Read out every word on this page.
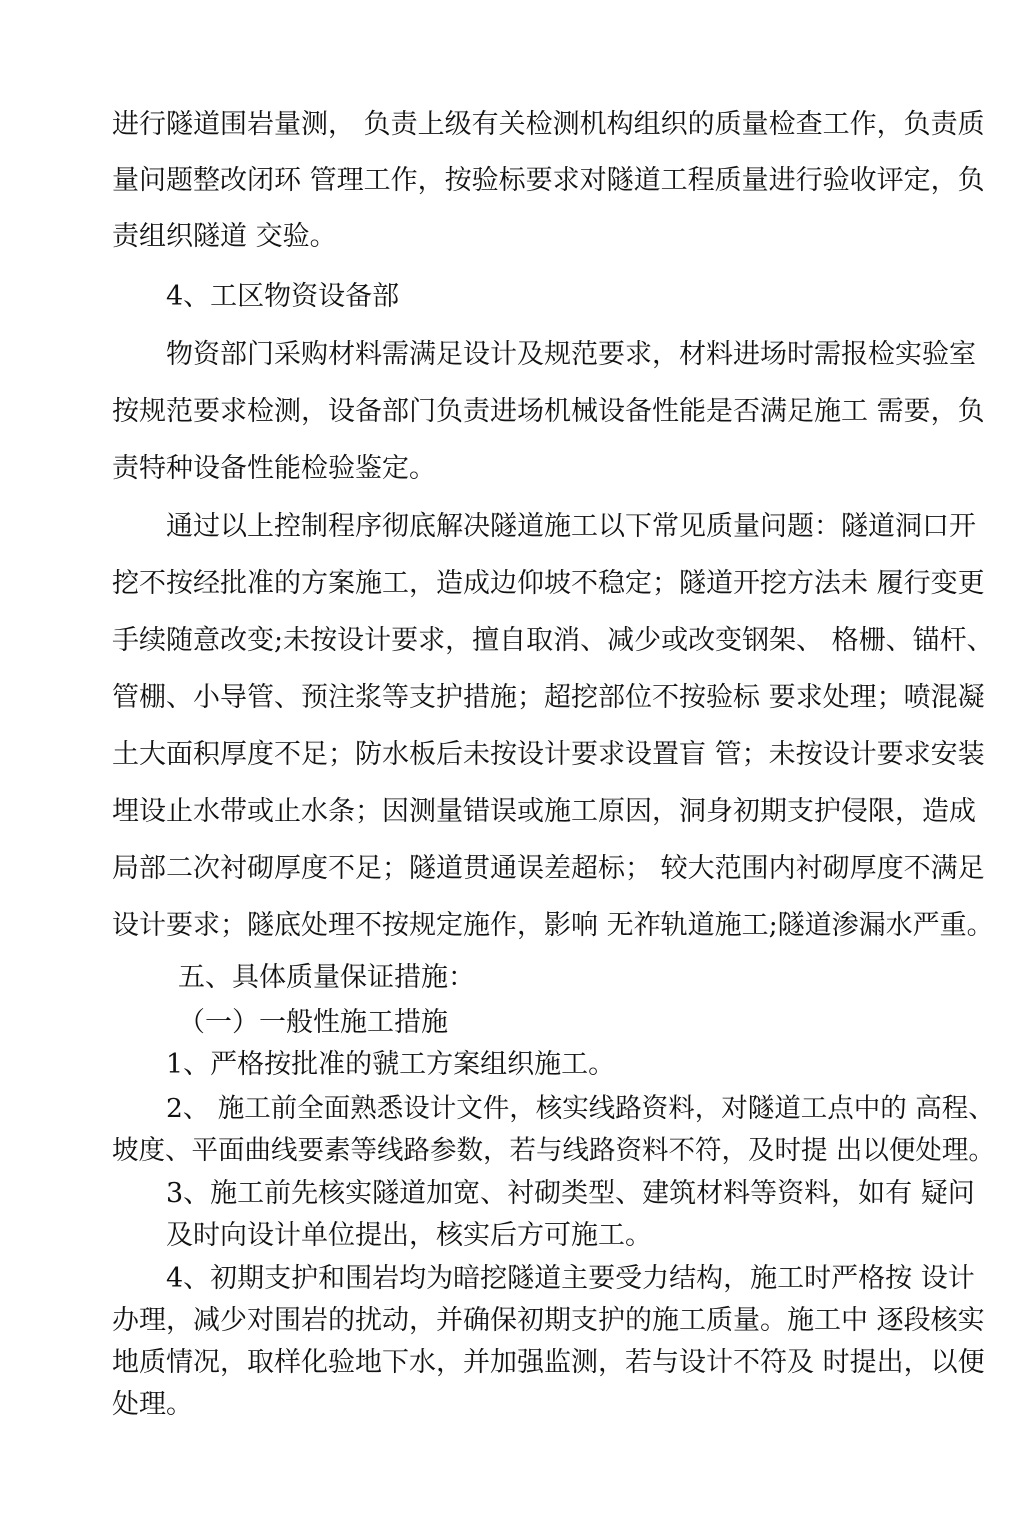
进行隧道围岩量测， 负责上级有关检测机构组织的质量检查工作，负责质
量问题整改闭环 管理工作，按验标要求对隧道工程质量进行验收评定，负
责组织隧道 交验。
4、工区物资设备部
物资部门采购材料需满足设计及规范要求，材料进场时需报检实验室
按规范要求检测，设备部门负责进场机械设备性能是否满足施工 需要，负
责特种设备性能检验鉴定。
通过以上控制程序彻底解决隧道施工以下常见质量问题：隧道洞口开
挖不按经批准的方案施工，造成边仰坡不稳定；隧道开挖方法未 履行变更
手续随意改变;未按设计要求，擅自取消、减少或改变钢架、 格栅、锚杆、
管棚、小导管、预注浆等支护措施；超挖部位不按验标 要求处理；喷混凝
土大面积厚度不足；防水板后未按设计要求设置盲 管；未按设计要求安装
埋设止水带或止水条；因测量错误或施工原因，洞身初期支护侵限，造成
局部二次衬砌厚度不足；隧道贯通误差超标； 较大范围内衬砌厚度不满足
设计要求；隧底处理不按规定施作，影响 无祚轨道施工;隧道渗漏水严重。
五、具体质量保证措施：
（一）一般性施工措施
1、严格按批准的虢工方案组织施工。
2、 施工前全面熟悉设计文件，核实线路资料，对隧道工点中的 高程、
坡度、平面曲线要素等线路参数，若与线路资料不符，及时提 出以便处理。
3、施工前先核实隧道加宽、衬砌类型、建筑材料等资料，如有 疑问
及时向设计单位提出，核实后方可施工。
4、初期支护和围岩均为暗挖隧道主要受力结构，施工时严格按 设计
办理，减少对围岩的扰动，并确保初期支护的施工质量。施工中 逐段核实
地质情况，取样化验地下水，并加强监测，若与设计不符及 时提出，以便
处理。
